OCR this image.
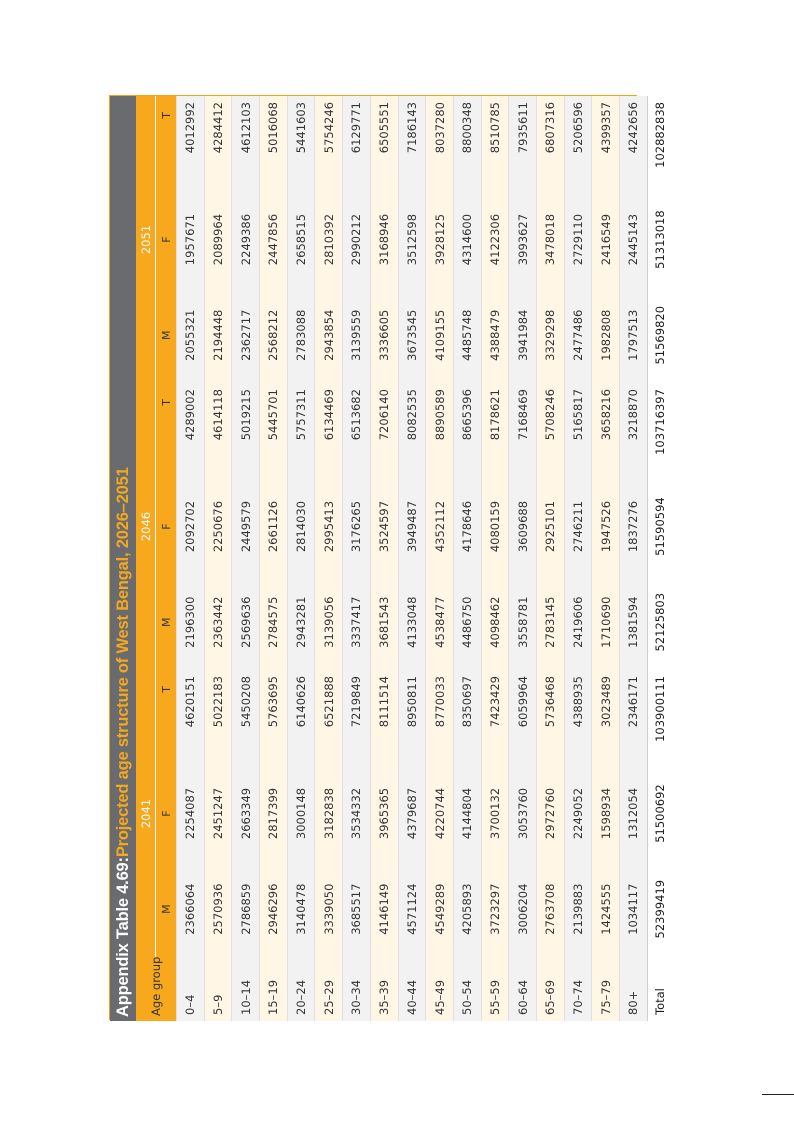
Appendix Table 4.69:
Projected age structure of West Bengal, 2026–2051
Age group	2041			2046			2051		
	M	F	T	M	F	T	M	F	T
0–4	2366064	2254087	4620151	2196300	2092702	4289002	2055321	1957671	4012992
5–9	2570936	2451247	5022183	2363442	2250676	4614118	2194448	2089964	4284412
10–14	2786859	2663349	5450208	2569636	2449579	5019215	2362717	2249386	4612103
15–19	2946296	2817399	5763695	2784575	2661126	5445701	2568212	2447856	5016068
20–24	3140478	3000148	6140626	2943281	2814030	5757311	2783088	2658515	5441603
25–29	3339050	3182838	6521888	3139056	2995413	6134469	2943854	2810392	5754246
30–34	3685517	3534332	7219849	3337417	3176265	6513682	3139559	2990212	6129771
35–39	4146149	3965365	8111514	3681543	3524597	7206140	3336605	3168946	6505551
40–44	4571124	4379687	8950811	4133048	3949487	8082535	3673545	3512598	7186143
45–49	4549289	4220744	8770033	4538477	4352112	8890589	4109155	3928125	8037280
50–54	4205893	4144804	8350697	4486750	4178646	8665396	4485748	4314600	8800348
55–59	3723297	3700132	7423429	4098462	4080159	8178621	4388479	4122306	8510785
60–64	3006204	3053760	6059964	3558781	3609688	7168469	3941984	3993627	7935611
65–69	2763708	2972760	5736468	2783145	2925101	5708246	3329298	3478018	6807316
70–74	2139883	2249052	4388935	2419606	2746211	5165817	2477486	2729110	5206596
75–79	1424555	1598934	3023489	1710690	1947526	3658216	1982808	2416549	4399357
80+	1034117	1312054	2346171	1381594	1837276	3218870	1797513	2445143	4242656
Total	52399419	51500692	103900111	52125803	51590594	103716397	51569820	51313018	102882838
